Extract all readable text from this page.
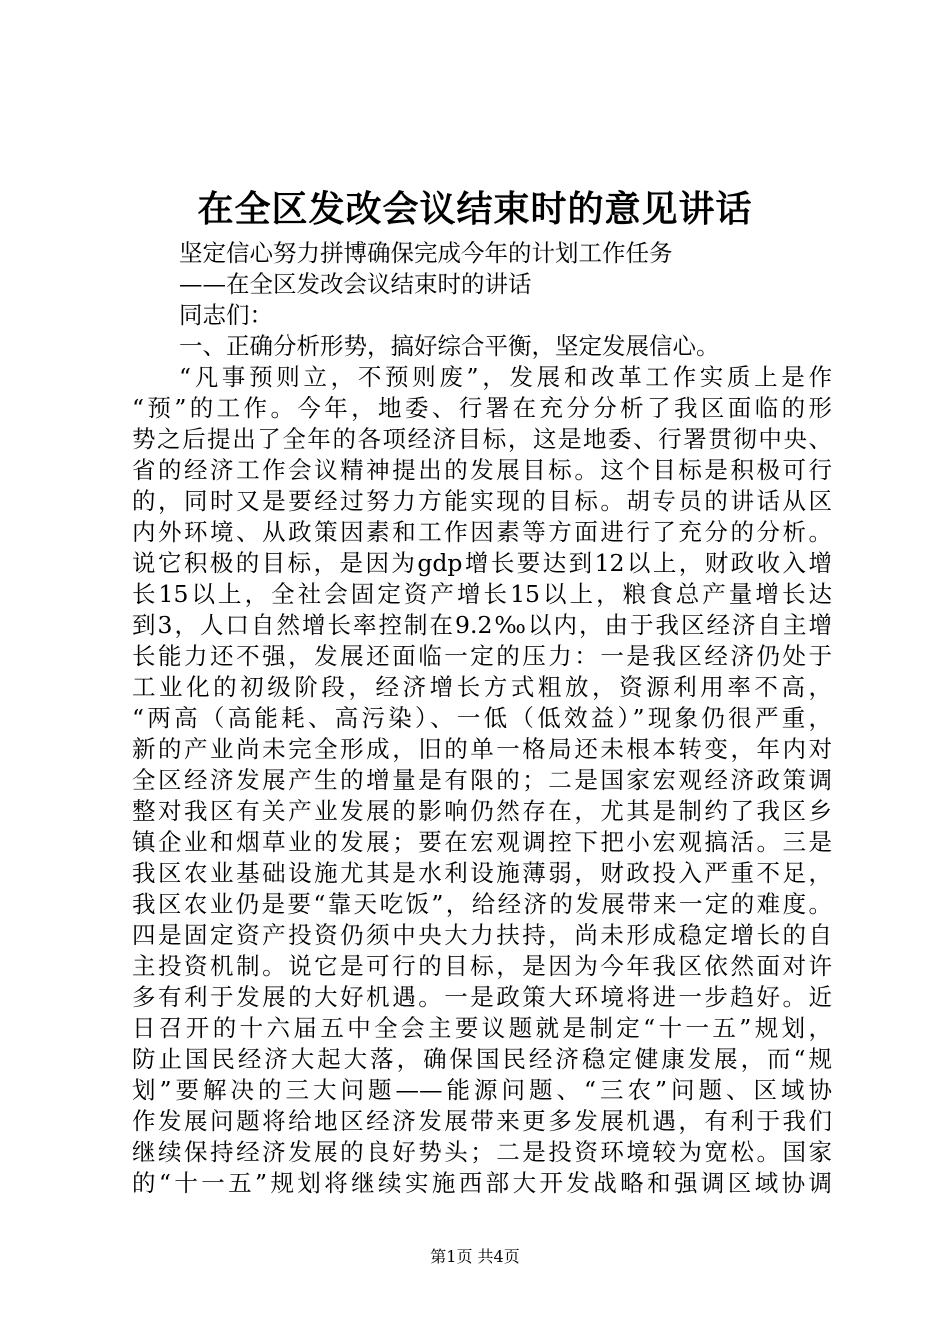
在全区发改会议结束时的意见讲话
坚定信心努力拼博确保完成今年的计划工作任务
——在全区发改会议结束时的讲话
同志们：
一、正确分析形势，搞好综合平衡，坚定发展信心。
“凡事预则立，不预则废”，发展和改革工作实质上是作
“预”的工作。今年，地委、行署在充分分析了我区面临的形
势之后提出了全年的各项经济目标，这是地委、行署贯彻中央、
省的经济工作会议精神提出的发展目标。这个目标是积极可行
的，同时又是要经过努力方能实现的目标。胡专员的讲话从区
内外环境、从政策因素和工作因素等方面进行了充分的分析。
说它积极的目标，是因为gdp增长要达到12以上，财政收入增
长15以上，全社会固定资产增长15以上，粮食总产量增长达
到3，人口自然增长率控制在9.2‰以内，由于我区经济自主增
长能力还不强，发展还面临一定的压力：一是我区经济仍处于
工业化的初级阶段，经济增长方式粗放，资源利用率不高，
“两高（高能耗、高污染）、一低（低效益）”现象仍很严重，
新的产业尚未完全形成，旧的单一格局还未根本转变，年内对
全区经济发展产生的增量是有限的；二是国家宏观经济政策调
整对我区有关产业发展的影响仍然存在，尤其是制约了我区乡
镇企业和烟草业的发展；要在宏观调控下把小宏观搞活。三是
我区农业基础设施尤其是水利设施薄弱，财政投入严重不足，
我区农业仍是要“靠天吃饭”，给经济的发展带来一定的难度。
四是固定资产投资仍须中央大力扶持，尚未形成稳定增长的自
主投资机制。说它是可行的目标，是因为今年我区依然面对许
多有利于发展的大好机遇。一是政策大环境将进一步趋好。近
日召开的十六届五中全会主要议题就是制定“十一五”规划，
防止国民经济大起大落，确保国民经济稳定健康发展，而“规
划”要解决的三大问题——能源问题、“三农”问题、区域协
作发展问题将给地区经济发展带来更多发展机遇，有利于我们
继续保持经济发展的良好势头；二是投资环境较为宽松。国家
的“十一五”规划将继续实施西部大开发战略和强调区域协调
第1页 共4页
